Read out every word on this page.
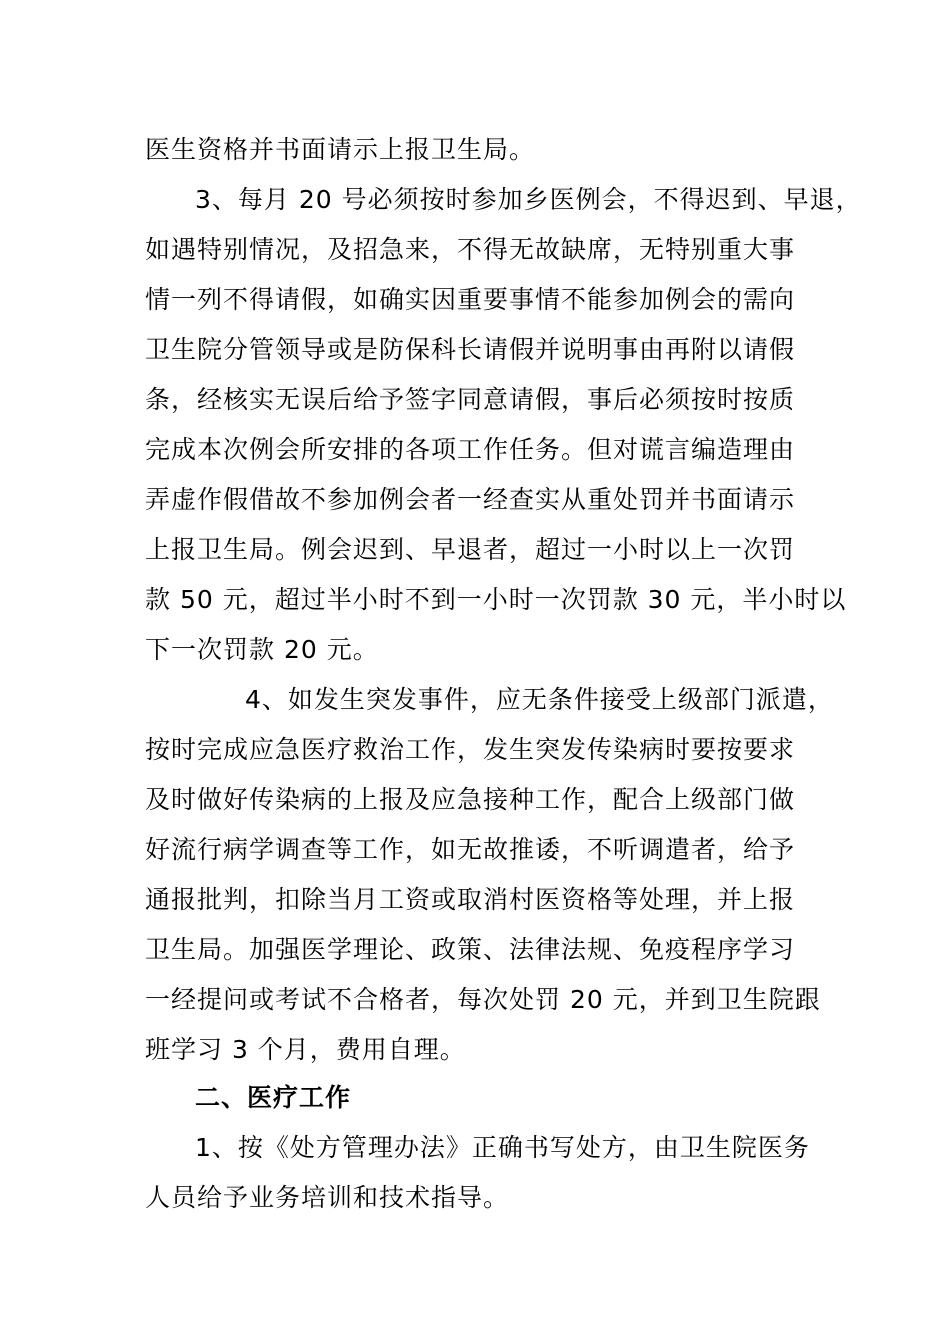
医生资格并书面请示上报卫生局。
3、每月 20 号必须按时参加乡医例会，不得迟到、早退，
如遇特别情况，及招急来，不得无故缺席，无特别重大事
情一列不得请假，如确实因重要事情不能参加例会的需向
卫生院分管领导或是防保科长请假并说明事由再附以请假
条，经核实无误后给予签字同意请假，事后必须按时按质
完成本次例会所安排的各项工作任务。但对谎言编造理由
弄虚作假借故不参加例会者一经查实从重处罚并书面请示
上报卫生局。例会迟到、早退者，超过一小时以上一次罚
款 50 元，超过半小时不到一小时一次罚款 30 元，半小时以
下一次罚款 20 元。
4、如发生突发事件，应无条件接受上级部门派遣，
按时完成应急医疗救治工作，发生突发传染病时要按要求
及时做好传染病的上报及应急接种工作，配合上级部门做
好流行病学调查等工作，如无故推诿，不听调遣者，给予
通报批判，扣除当月工资或取消村医资格等处理，并上报
卫生局。加强医学理论、政策、法律法规、免疫程序学习
一经提问或考试不合格者，每次处罚 20 元，并到卫生院跟
班学习 3 个月，费用自理。
二、医疗工作
1、按《处方管理办法》正确书写处方，由卫生院医务
人员给予业务培训和技术指导。
